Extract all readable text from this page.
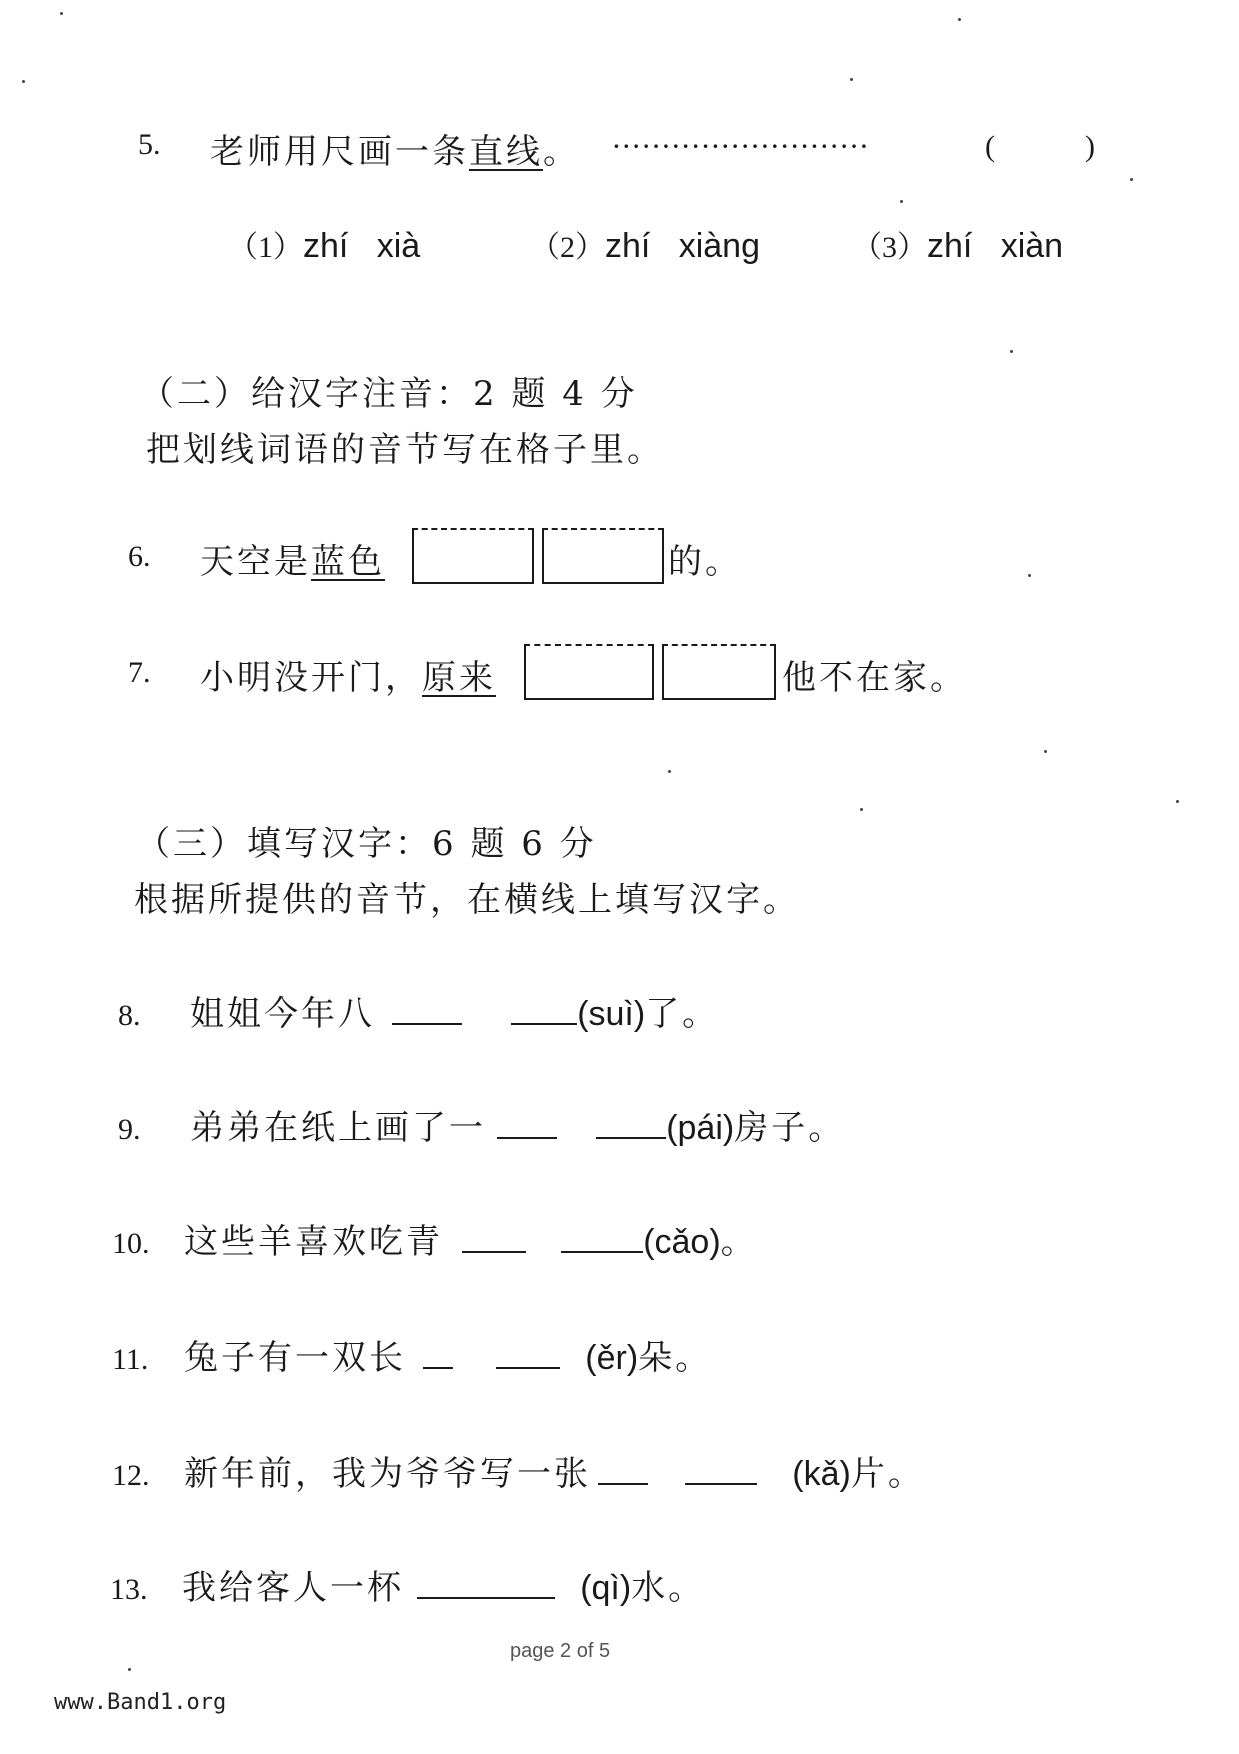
5. 老师用尺画一条直线。 ··························	(	)
（1）zhí   xià	（2）zhí   xiàng	（3）zhí   xiàn
（二）给汉字注音：2 题 4 分
把划线词语的音节写在格子里。
6. 天空是蓝色	的。
7. 小明没开门，原来	他不在家。
（三）填写汉字：6 题 6 分
根据所提供的音节，在横线上填写汉字。
8. 姐姐今年八	(suì)了。
9. 弟弟在纸上画了一	(pái)房子。
10. 这些羊喜欢吃青	(cǎo)。
11. 兔子有一双长	(ěr)朵。
12. 新年前，我为爷爷写一张	(kǎ)片。
13. 我给客人一杯	(qì)水。
page 2 of 5
www.Band1.org
